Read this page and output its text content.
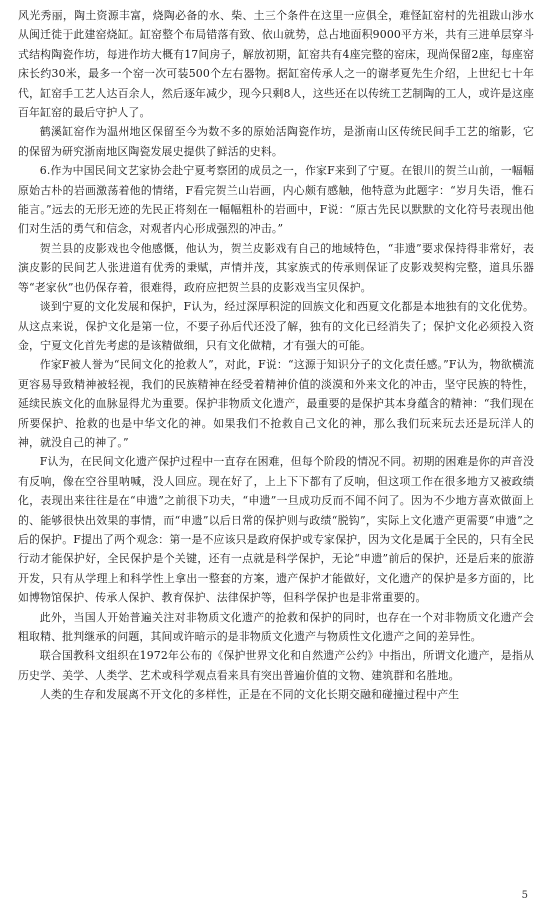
风光秀丽，陶土资源丰富，烧陶必备的水、柴、土三个条件在这里一应俱全，难怪缸窑村的先祖跋山涉水从闽迁徙于此建窑烧缸。缸窑整个布局错落有致、依山就势，总占地面积9000平方米，共有三进单层穿斗式结构陶瓷作坊，每进作坊大概有17间房子，解放初期，缸窑共有4座完整的窑床，现尚保留2座，每座窑床长约30米，最多一个窑一次可装500个左右器物。据缸窑传承人之一的谢孝夏先生介绍，上世纪七十年代，缸窑手工艺人达百余人，然后逐年减少，现今只剩8人，这些还在以传统工艺制陶的工人，或许是这座百年缸窑的最后守护人了。

鹤溪缸窑作为温州地区保留至今为数不多的原始活陶瓷作坊，是浙南山区传统民间手工艺的缩影，它的保留为研究浙南地区陶瓷发展史提供了鲜活的史料。

6.作为中国民间文艺家协会赴宁夏考察团的成员之一，作家F来到了宁夏。在银川的贺兰山前，一幅幅原始古朴的岩画激荡着他的情绪，F看完贺兰山岩画，内心颇有感触，他特意为此题字：“岁月失语，惟石能言。”远去的无形无迹的先民正将刻在一幅幅粗朴的岩画中，F说：“原古先民以默默的文化符号表现出他们对生活的勇气和信念，对观者内心形成强烈的冲击。”

贺兰县的皮影戏也令他感慨，他认为，贺兰皮影戏有自己的地域特色，“非遗”要求保持得非常好，表演皮影的民间艺人张进道有优秀的秉赋，声情并茂，其家族式的传承则保证了皮影戏契构完整，道具乐器等“老家伙”也仍保存着，很难得，政府应把贺兰县的皮影戏当宝贝保护。

谈到宁夏的文化发展和保护，F认为，经过深厚积淀的回族文化和西夏文化都是本地独有的文化优势。从这点来说，保护文化是第一位，不要子孙后代还没了解，独有的文化已经消失了；保护文化必须投入资金，宁夏文化首先考虑的是该精做细，只有文化做精，才有强大的可能。

作家F被人誉为“民间文化的抢救人”，对此，F说：“这源于知识分子的文化责任感。”F认为，物欲横流更容易导致精神被轻视，我们的民族精神在经受着精神价值的淡漠和外来文化的冲击，坚守民族的特性，延续民族文化的血脉显得尤为重要。保护非物质文化遗产，最重要的是保护其本身蕴含的精神：“我们现在所要保护、抢救的也是中华文化的神。如果我们不抢救自己文化的神，那么我们玩来玩去还是玩洋人的神，就没自己的神了。”

F认为，在民间文化遗产保护过程中一直存在困难，但每个阶段的情况不同。初期的困难是你的声音没有反响，像在空谷里呐喊，没人回应。现在好了，上上下下都有了反响，但这项工作在很多地方又被政绩化，表现出来往往是在“申遗”之前很下功夫，“申遗”一旦成功反而不闻不问了。因为不少地方喜欢做面上的、能够很快出效果的事情，而“申遗”以后日常的保护则与政绩“脱钩”，实际上文化遗产更需要“申遗”之后的保护。F提出了两个观念：第一是不应该只是政府保护或专家保护，因为文化是属于全民的，只有全民行动才能保护好，全民保护是个关键，还有一点就是科学保护，无论“申遗”前后的保护，还是后来的旅游开发，只有从学理上和科学性上拿出一整套的方案，遗产保护才能做好，文化遗产的保护是多方面的，比如博物馆保护、传承人保护、教育保护、法律保护等，但科学保护也是非常重要的。

此外，当国人开始普遍关注对非物质文化遗产的抢救和保护的同时，也存在一个对非物质文化遗产会粗取精、批判继承的问题，其间或许暗示的是非物质文化遗产与物质性文化遗产之间的差异性。

联合国教科文组织在1972年公布的《保护世界文化和自然遗产公约》中指出，所谓文化遗产，是指从历史学、美学、人类学、艺术或科学观点看来具有突出普遍价值的文物、建筑群和名胜地。

人类的生存和发展离不开文化的多样性，正是在不同的文化长期交融和碰撞过程中产生

5
